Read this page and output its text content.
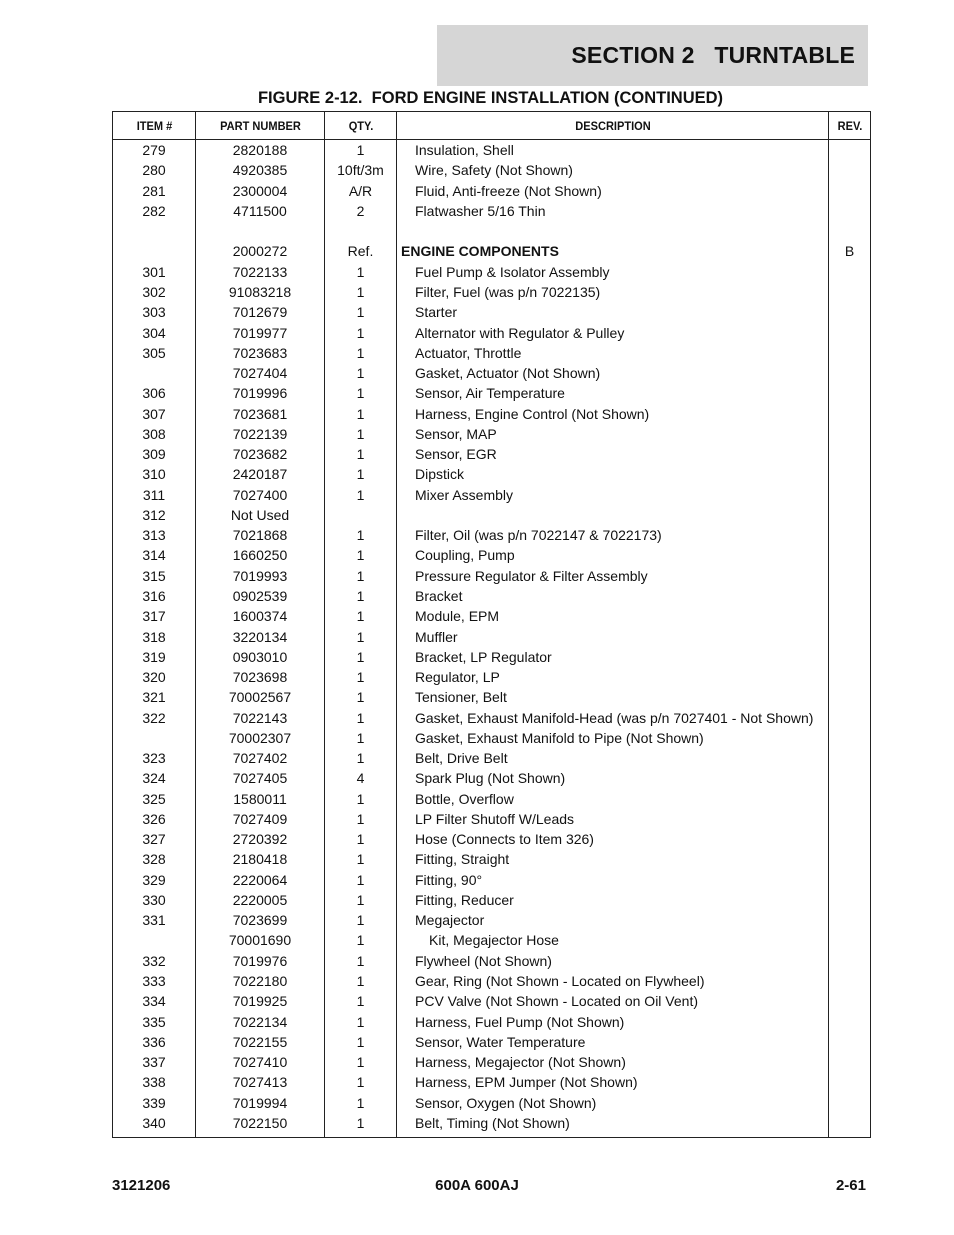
SECTION 2   TURNTABLE
FIGURE 2-12.  FORD ENGINE INSTALLATION (CONTINUED)
ITEM #	PART NUMBER	QTY.	DESCRIPTION	REV.
279	2820188	1	Insulation, Shell	
280	4920385	10ft/3m	Wire, Safety (Not Shown)	
281	2300004	A/R	Fluid, Anti-freeze (Not Shown)	
282	4711500	2	Flatwasher 5/16 Thin	

	2000272	Ref.	ENGINE COMPONENTS	B
301	7022133	1	Fuel Pump & Isolator Assembly	
302	91083218	1	Filter, Fuel (was p/n 7022135)	
303	7012679	1	Starter	
304	7019977	1	Alternator with Regulator & Pulley	
305	7023683	1	Actuator, Throttle	
	7027404	1	Gasket, Actuator (Not Shown)	
306	7019996	1	Sensor, Air Temperature	
307	7023681	1	Harness, Engine Control (Not Shown)	
308	7022139	1	Sensor, MAP	
309	7023682	1	Sensor, EGR	
310	2420187	1	Dipstick	
311	7027400	1	Mixer Assembly	
312	Not Used			
313	7021868	1	Filter, Oil (was p/n 7022147 & 7022173)	
314	1660250	1	Coupling, Pump	
315	7019993	1	Pressure Regulator & Filter Assembly	
316	0902539	1	Bracket	
317	1600374	1	Module, EPM	
318	3220134	1	Muffler	
319	0903010	1	Bracket, LP Regulator	
320	7023698	1	Regulator, LP	
321	70002567	1	Tensioner, Belt	
322	7022143	1	Gasket, Exhaust Manifold-Head (was p/n 7027401 - Not Shown)	
	70002307	1	Gasket, Exhaust Manifold to Pipe (Not Shown)	
323	7027402	1	Belt, Drive Belt	
324	7027405	4	Spark Plug (Not Shown)	
325	1580011	1	Bottle, Overflow	
326	7027409	1	LP Filter Shutoff W/Leads	
327	2720392	1	Hose (Connects to Item 326)	
328	2180418	1	Fitting, Straight	
329	2220064	1	Fitting, 90°	
330	2220005	1	Fitting, Reducer	
331	7023699	1	Megajector	
	70001690	1	Kit, Megajector Hose	
332	7019976	1	Flywheel (Not Shown)	
333	7022180	1	Gear, Ring (Not Shown - Located on Flywheel)	
334	7019925	1	PCV Valve (Not Shown - Located on Oil Vent)	
335	7022134	1	Harness, Fuel Pump (Not Shown)	
336	7022155	1	Sensor, Water Temperature	
337	7027410	1	Harness, Megajector (Not Shown)	
338	7027413	1	Harness, EPM Jumper (Not Shown)	
339	7019994	1	Sensor, Oxygen (Not Shown)	
340	7022150	1	Belt, Timing (Not Shown)	
3121206	600A 600AJ	2-61
